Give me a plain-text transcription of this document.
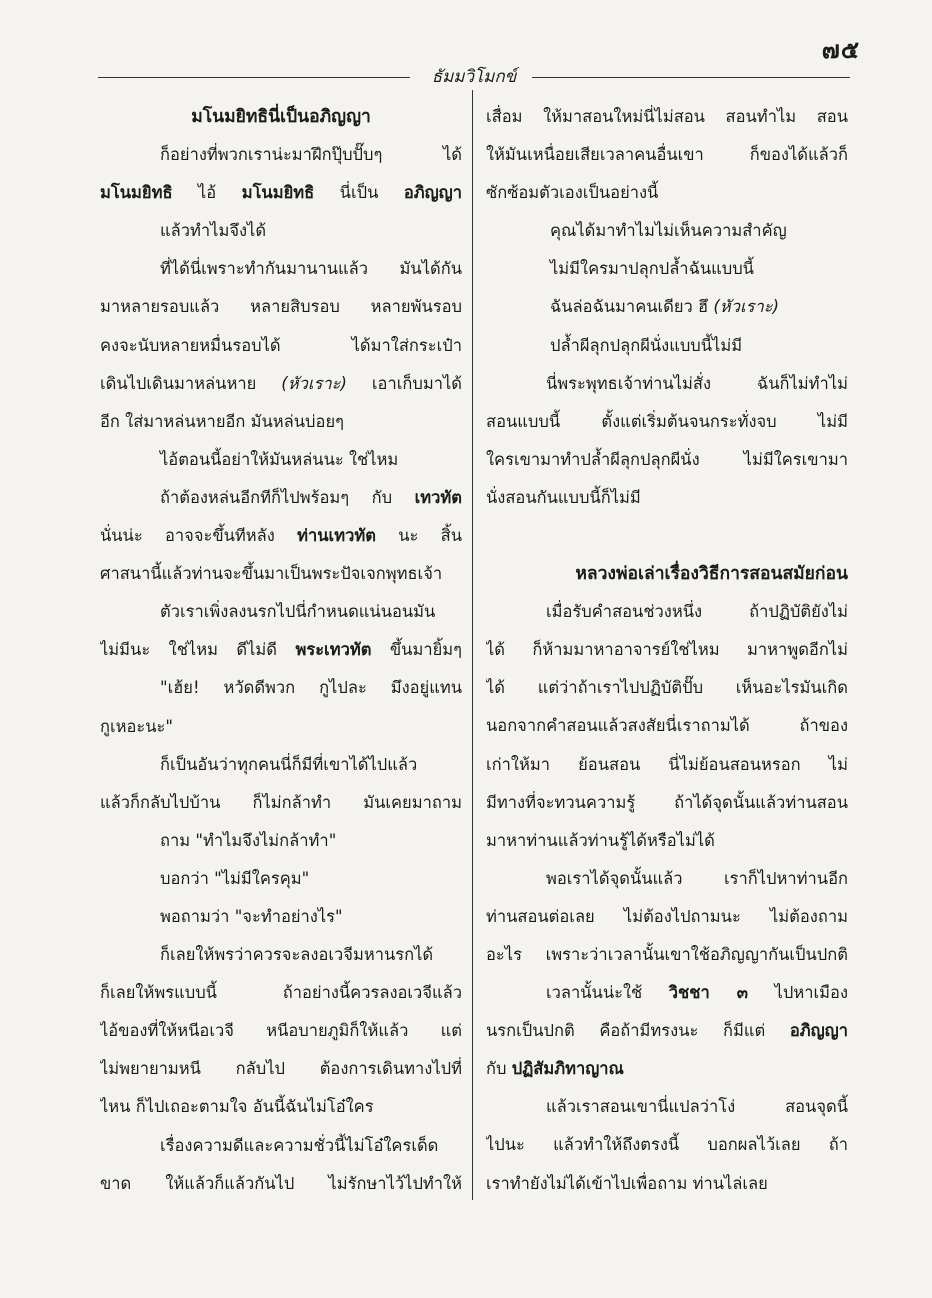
๗๕
ธัมมวิโมกข์
มโนมยิทธินี่เป็นอภิญญา
ก็อย่างที่พวกเราน่ะมาฝึกปุ๊บปั๊บๆ ได้
มโนมยิทธิ ไอ้ มโนมยิทธิ นี่เป็น อภิญญา
แล้วทำไมจึงได้
ที่ได้นี่เพราะทำกันมานานแล้ว มันได้กัน
มาหลายรอบแล้ว หลายสิบรอบ หลายพันรอบ
คงจะนับหลายหมื่นรอบได้ ได้มาใส่กระเป๋า
เดินไปเดินมาหล่นหาย (หัวเราะ) เอาเก็บมาได้
อีก ใส่มาหล่นหายอีก มันหล่นบ่อยๆ
ไอ้ตอนนี้อย่าให้มันหล่นนะ ใช่ไหม
ถ้าต้องหล่นอีกทีก็ไปพร้อมๆ กับ เทวทัต
นั่นน่ะ อาจจะขึ้นทีหลัง ท่านเทวทัต นะ สิ้น
ศาสนานี้แล้วท่านจะขึ้นมาเป็นพระปัจเจกพุทธเจ้า
ตัวเราเพิ่งลงนรกไปนี่กำหนดแน่นอนมัน
ไม่มีนะ ใช่ไหม ดีไม่ดี พระเทวทัต ขึ้นมายิ้มๆ
"เฮ้ย! หวัดดีพวก กูไปละ มึงอยู่แทน
กูเหอะนะ"
ก็เป็นอันว่าทุกคนนี่ก็มีที่เขาได้ไปแล้ว
แล้วก็กลับไปบ้าน ก็ไม่กล้าทำ มันเคยมาถาม
ถาม "ทำไมจึงไม่กล้าทำ"
บอกว่า "ไม่มีใครคุม"
พอถามว่า "จะทำอย่างไร"
ก็เลยให้พรว่าควรจะลงอเวจีมหานรกได้
ก็เลยให้พรแบบนี้ ถ้าอย่างนี้ควรลงอเวจีแล้ว
ไอ้ของที่ให้หนีอเวจี หนีอบายภูมิก็ให้แล้ว แต่
ไม่พยายามหนี กลับไป ต้องการเดินทางไปที่
ไหน ก็ไปเถอะตามใจ อันนี้ฉันไม่โอ๋ใคร
เรื่องความดีและความชั่วนี้ไม่โอ๋ใครเด็ด
ขาด ให้แล้วก็แล้วกันไป ไม่รักษาไว้ไปทำให้
เสื่อม ให้มาสอนใหม่นี่ไม่สอน สอนทำไม สอน
ให้มันเหนื่อยเสียเวลาคนอื่นเขา ก็ของได้แล้วก็
ซักซ้อมตัวเองเป็นอย่างนี้
คุณได้มาทำไมไม่เห็นความสำคัญ
ไม่มีใครมาปลุกปล้ำฉันแบบนี้
ฉันล่อฉันมาคนเดียว ฮึ (หัวเราะ)
ปล้ำผีลุกปลุกผีนั่งแบบนี้ไม่มี
นี่พระพุทธเจ้าท่านไม่สั่ง ฉันก็ไม่ทำไม่
สอนแบบนี้ ตั้งแต่เริ่มต้นจนกระทั่งจบ ไม่มี
ใครเขามาทำปล้ำผีลุกปลุกผีนั่ง ไม่มีใครเขามา
นั่งสอนกันแบบนี้ก็ไม่มี
หลวงพ่อเล่าเรื่องวิธีการสอนสมัยก่อน
เมื่อรับคำสอนช่วงหนึ่ง ถ้าปฏิบัติยังไม่
ได้ ก็ห้ามมาหาอาจารย์ใช่ไหม มาหาพูดอีกไม่
ได้ แต่ว่าถ้าเราไปปฏิบัติปั๊บ เห็นอะไรมันเกิด
นอกจากคำสอนแล้วสงสัยนี่เราถามได้ ถ้าของ
เก่าให้มา ย้อนสอน นี่ไม่ย้อนสอนหรอก ไม่
มีทางที่จะทวนความรู้ ถ้าได้จุดนั้นแล้วท่านสอน
มาหาท่านแล้วท่านรู้ได้หรือไม่ได้
พอเราได้จุดนั้นแล้ว เราก็ไปหาท่านอีก
ท่านสอนต่อเลย ไม่ต้องไปถามนะ ไม่ต้องถาม
อะไร เพราะว่าเวลานั้นเขาใช้อภิญญากันเป็นปกติ
เวลานั้นน่ะใช้ วิชชา ๓ ไปหาเมือง
นรกเป็นปกติ คือถ้ามีทรงนะ ก็มีแต่ อภิญญา
กับ ปฏิสัมภิทาญาณ
แล้วเราสอนเขานี่แปลว่าโง่ สอนจุดนี้
ไปนะ แล้วทำให้ถึงตรงนี้ บอกผลไว้เลย ถ้า
เราทำยังไม่ได้เข้าไปเพื่อถาม ท่านไล่เลย
